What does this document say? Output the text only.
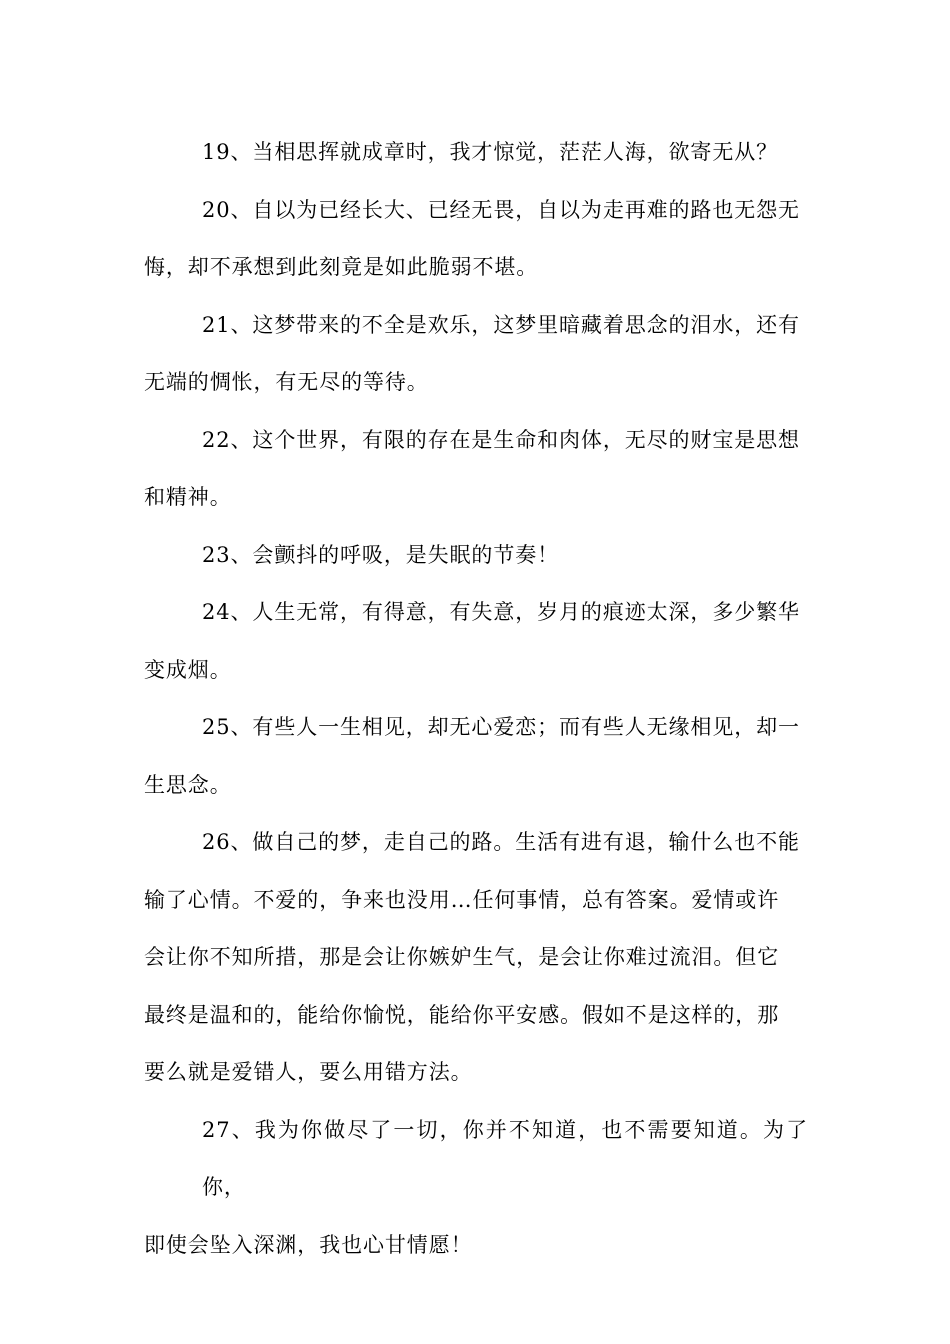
19、当相思挥就成章时，我才惊觉，茫茫人海，欲寄无从？

20、自以为已经长大、已经无畏，自以为走再难的路也无怨无
悔，却不承想到此刻竟是如此脆弱不堪。

21、这梦带来的不全是欢乐，这梦里暗藏着思念的泪水，还有
无端的惆怅，有无尽的等待。

22、这个世界，有限的存在是生命和肉体，无尽的财宝是思想
和精神。

23、会颤抖的呼吸，是失眠的节奏！

24、人生无常，有得意，有失意，岁月的痕迹太深，多少繁华
变成烟。

25、有些人一生相见，却无心爱恋；而有些人无缘相见，却一
生思念。

26、做自己的梦，走自己的路。生活有进有退，输什么也不能
输了心情。不爱的，争来也没用…任何事情，总有答案。爱情或许
会让你不知所措，那是会让你嫉妒生气，是会让你难过流泪。但它
最终是温和的，能给你愉悦，能给你平安感。假如不是这样的，那
要么就是爱错人，要么用错方法。

27、我为你做尽了一切，你并不知道，也不需要知道。为了你，
即使会坠入深渊，我也心甘情愿！
